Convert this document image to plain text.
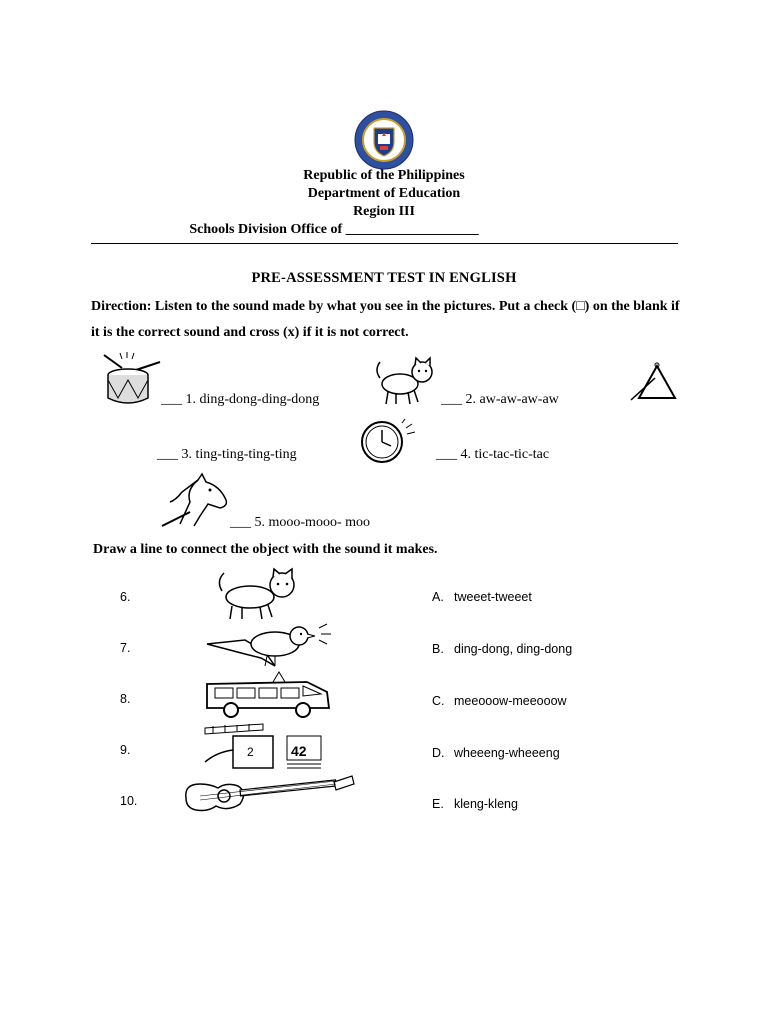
Republic of the Philippines
Department of Education
Region III
Schools Division Office of ___________________
PRE-ASSESSMENT TEST IN ENGLISH
Direction: Listen to the sound made by what you see in the pictures. Put a check (□) on the blank if it is the correct sound and cross (x) if it is not correct.
___ 1. ding-dong-ding-dong	___ 2. aw-aw-aw-aw
___ 3. ting-ting-ting-ting	___ 4. tic-tac-tic-tac
___ 5. mooo-mooo- moo
Draw a line to connect the object with the sound it makes.
6.
7.
8.
9.
10.
2	42
A. tweeet-tweeet
B. ding-dong, ding-dong
C. meeooow-meeooow
D. wheeeng-wheeeng
E. kleng-kleng
